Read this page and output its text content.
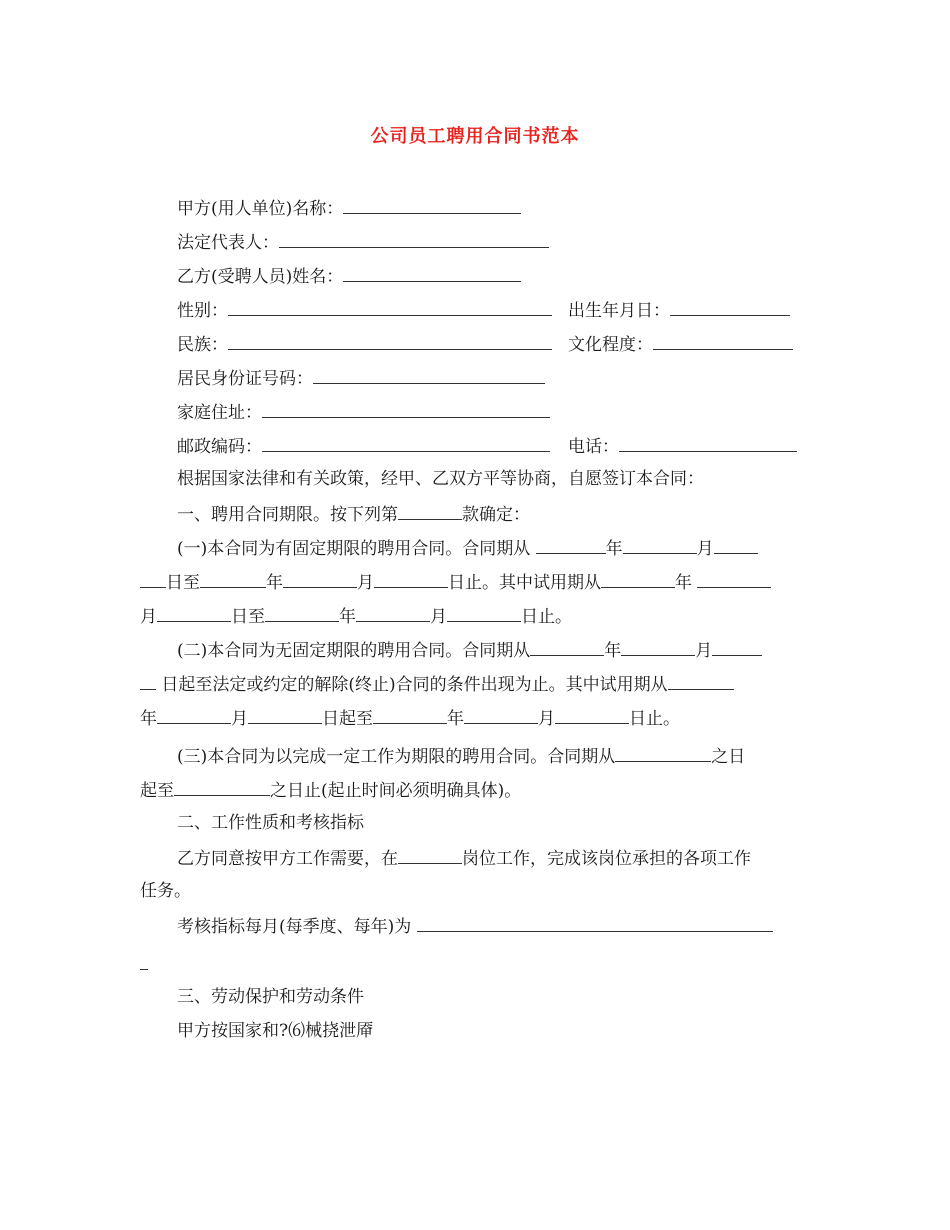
公司员工聘用合同书范本
甲方(用人单位)名称：
法定代表人：
乙方(受聘人员)姓名：
性别：	出生年月日：
民族：	文化程度：
居民身份证号码：
家庭住址：
邮政编码：	电话：
根据国家法律和有关政策，经甲、乙双方平等协商，自愿签订本合同：
一、聘用合同期限。按下列第	款确定：
(一)本合同为有固定期限的聘用合同。合同期从	年	月
日至	年	月	日止。其中试用期从	年
月	日至	年	月	日止。
(二)本合同为无固定期限的聘用合同。合同期从	年	月
日起至法定或约定的解除(终止)合同的条件出现为止。其中试用期从
年	月	日起至	年	月	日止。
(三)本合同为以完成一定工作为期限的聘用合同。合同期从	之日
起至	之日止(起止时间必须明确具体)。
二、工作性质和考核指标
乙方同意按甲方工作需要，在	岗位工作，完成该岗位承担的各项工作
任务。
考核指标每月(每季度、每年)为
三、劳动保护和劳动条件
甲方按国家和?⑹械挠泄厣
